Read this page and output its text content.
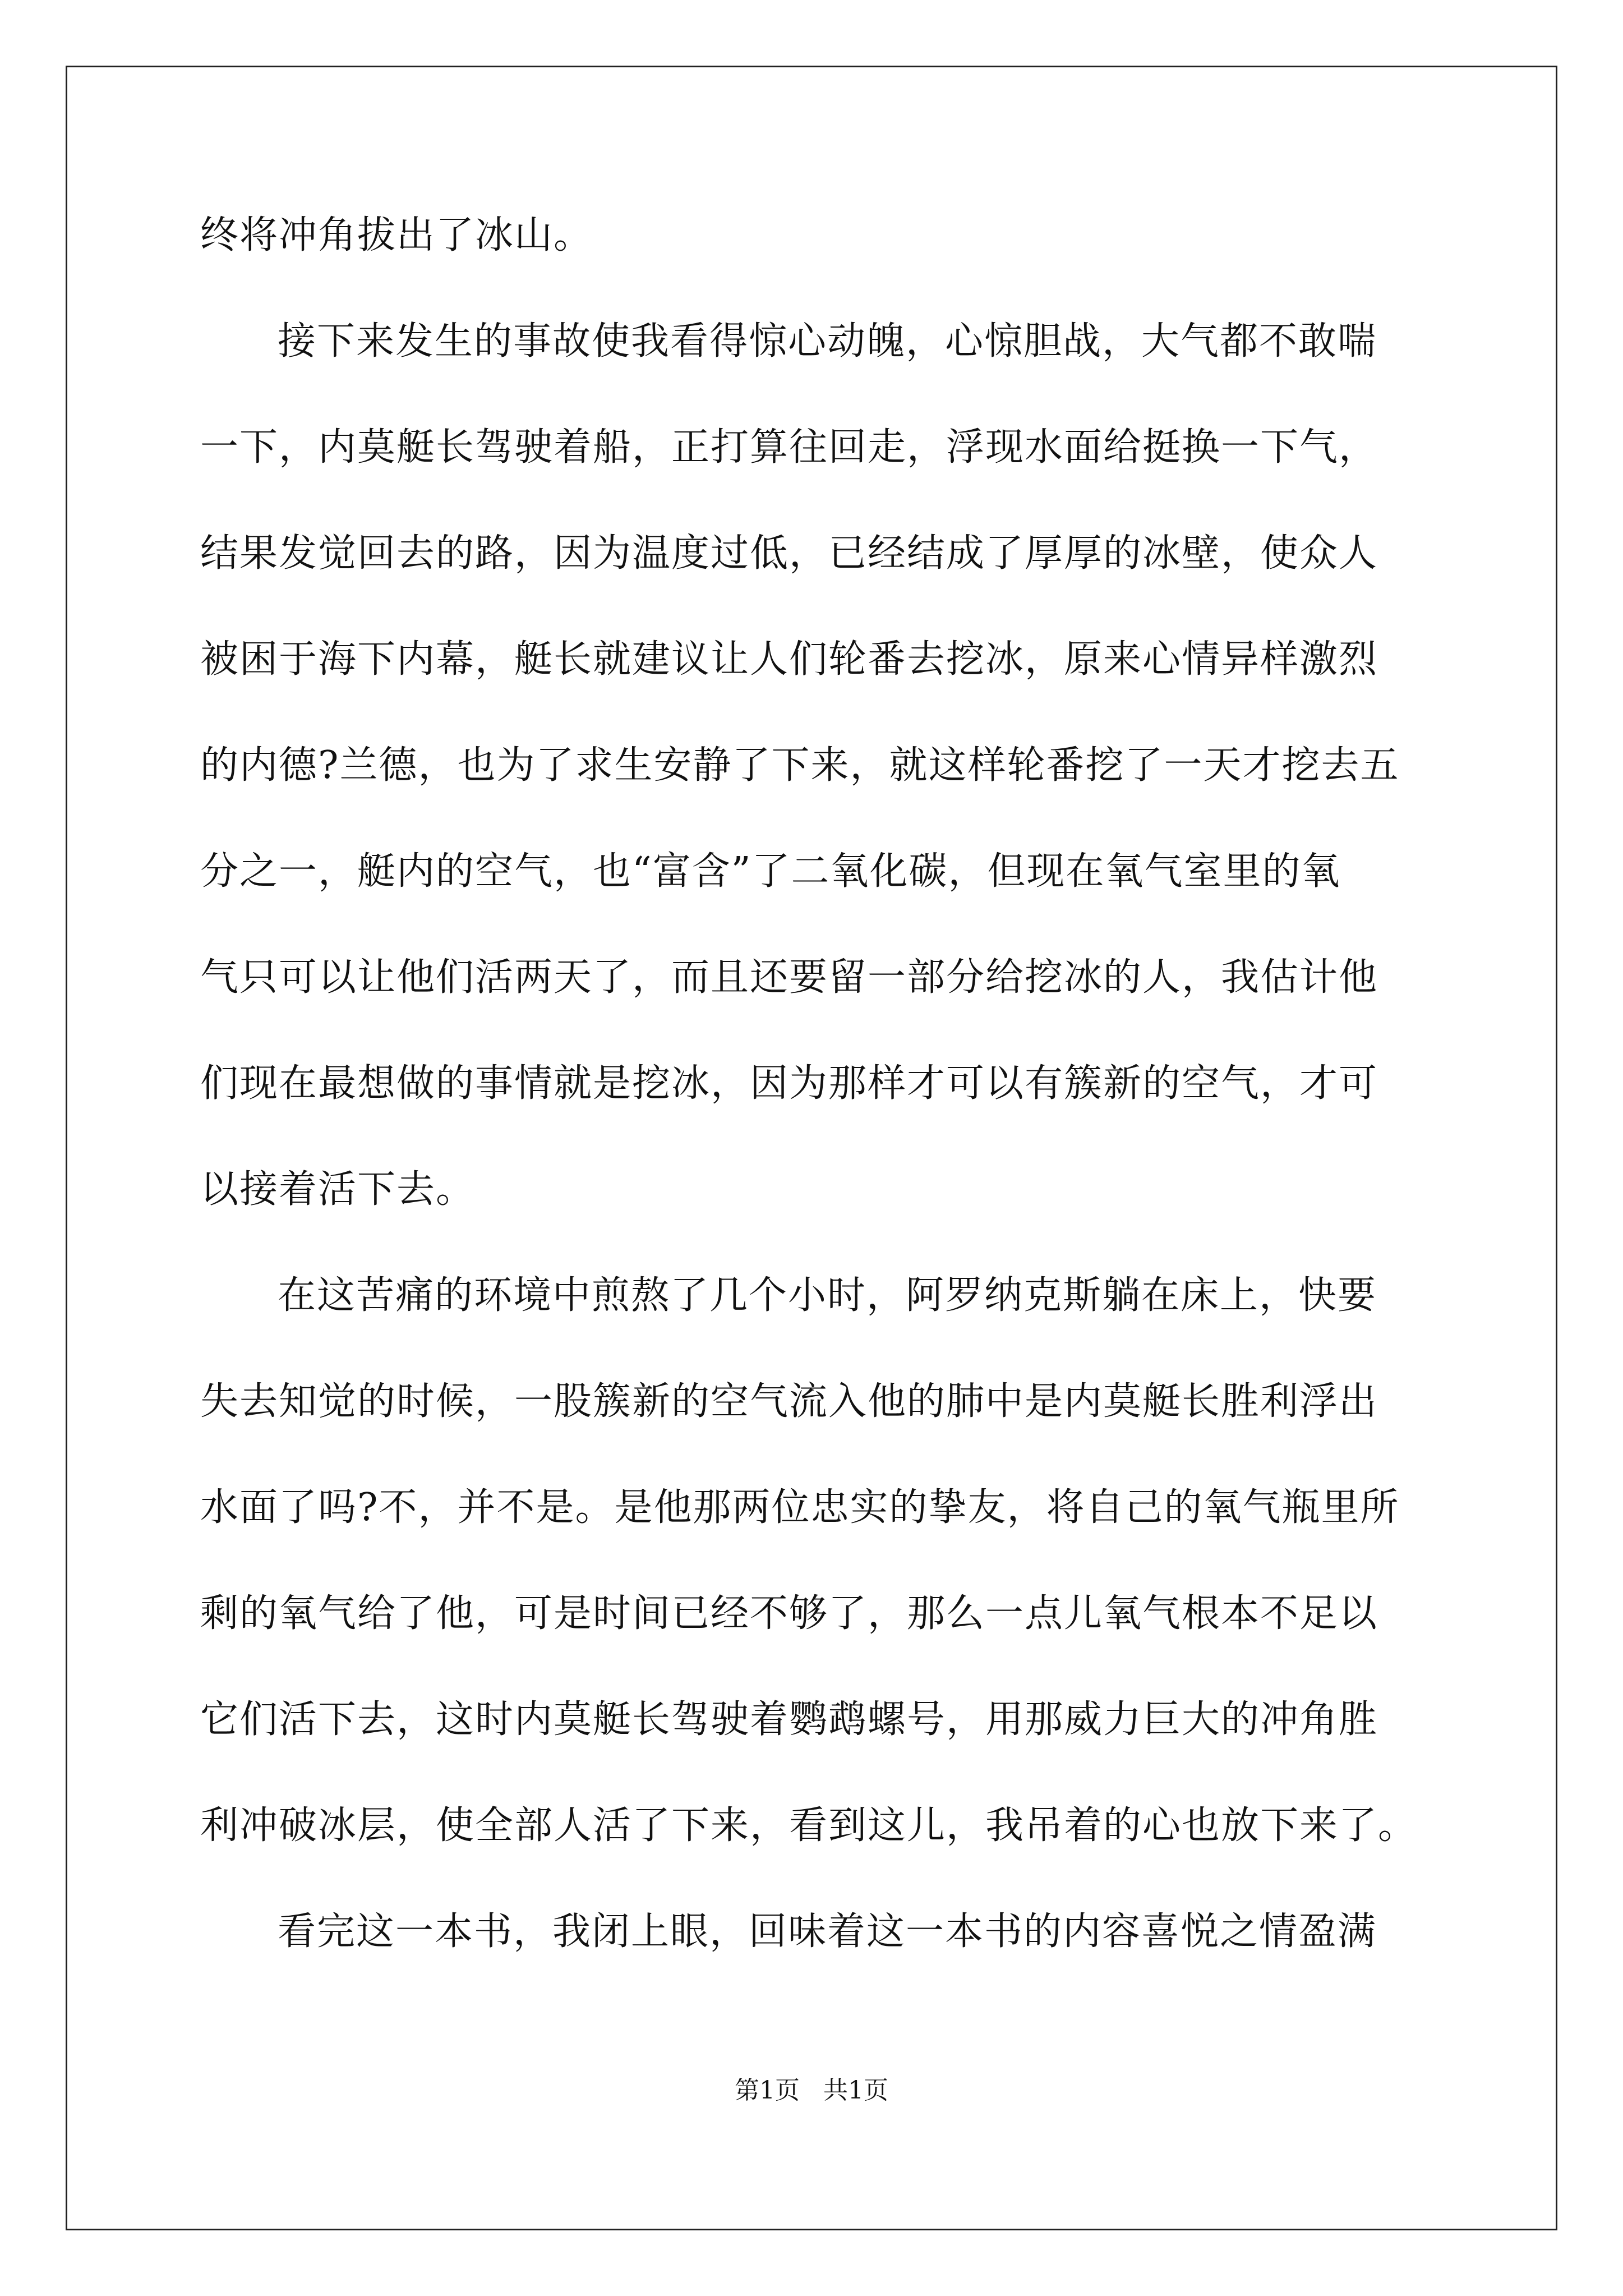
终将冲角拔出了冰山。
接下来发生的事故使我看得惊心动魄，心惊胆战，大气都不敢喘
一下，内莫艇长驾驶着船，正打算往回走，浮现水面给挺换一下气，
结果发觉回去的路，因为温度过低，已经结成了厚厚的冰壁，使众人
被困于海下内幕，艇长就建议让人们轮番去挖冰，原来心情异样激烈
的内德?兰德，也为了求生安静了下来，就这样轮番挖了一天才挖去五
分之一，艇内的空气，也“富含”了二氧化碳，但现在氧气室里的氧
气只可以让他们活两天了，而且还要留一部分给挖冰的人，我估计他
们现在最想做的事情就是挖冰，因为那样才可以有簇新的空气，才可
以接着活下去。
在这苦痛的环境中煎熬了几个小时，阿罗纳克斯躺在床上，快要
失去知觉的时候，一股簇新的空气流入他的肺中是内莫艇长胜利浮出
水面了吗?不，并不是。是他那两位忠实的挚友，将自己的氧气瓶里所
剩的氧气给了他，可是时间已经不够了，那么一点儿氧气根本不足以
它们活下去，这时内莫艇长驾驶着鹦鹉螺号，用那威力巨大的冲角胜
利冲破冰层，使全部人活了下来，看到这儿，我吊着的心也放下来了。
看完这一本书，我闭上眼，回味着这一本书的内容喜悦之情盈满
第1页   共1页
